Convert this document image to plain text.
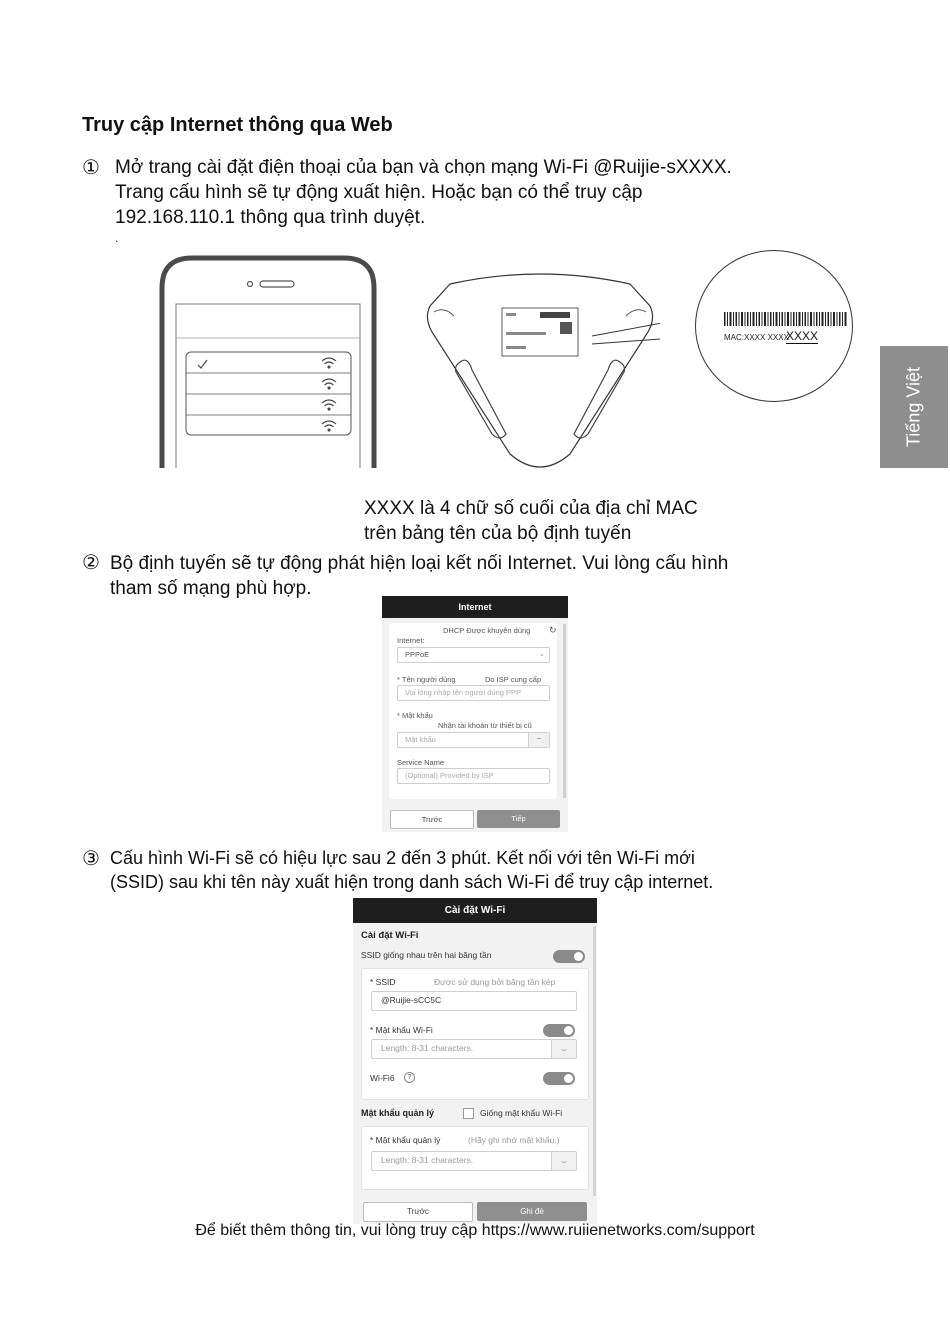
Truy cập Internet thông qua Web
Tiếng Việt
① Mở trang cài đặt điện thoại của bạn và chọn mạng Wi-Fi @Ruijie-sXXXX.
Trang cấu hình sẽ tự động xuất hiện. Hoặc bạn có thể truy cập
192.168.110.1 thông qua trình duyệt.
.
MAC:XXXX XXXX
XXXX
XXXX là 4 chữ số cuối của địa chỉ MAC
trên bảng tên của bộ định tuyến
② Bộ định tuyến sẽ tự động phát hiện loại kết nối Internet. Vui lòng cấu hình
tham số mạng phù hợp.
Internet
DHCP Được khuyên dùng ↻
Internet:
PPPoE	⌄
* Tên người dùng	Do ISP cung cấp
Vui lòng nhập tên người dùng PPP
* Mật khẩu
Nhận tài khoản từ thiết bị cũ
Mật khẩu	⌣
Service Name
(Optional) Provided by ISP
Trước	Tiếp
③ Cấu hình Wi-Fi sẽ có hiệu lực sau 2 đến 3 phút. Kết nối với tên Wi-Fi mới
(SSID) sau khi tên này xuất hiện trong danh sách Wi-Fi để truy cập internet.
Cài đặt Wi-Fi
Cài đặt Wi-Fi
SSID giống nhau trên hai băng tần
* SSID	Được sử dụng bởi băng tần kép
@Ruijie-sCC5C
* Mật khẩu Wi-Fi
Length: 8-31 characters.	⌣
Wi-Fi6	?
Mật khẩu quản lý	Giống mật khẩu Wi-Fi
* Mật khẩu quản lý	(Hãy ghi nhớ mật khẩu.)
Length: 8-31 characters.	⌣
Trước	Ghi đè
Để biết thêm thông tin, vui lòng truy cập https://www.ruiienetworks.com/support
